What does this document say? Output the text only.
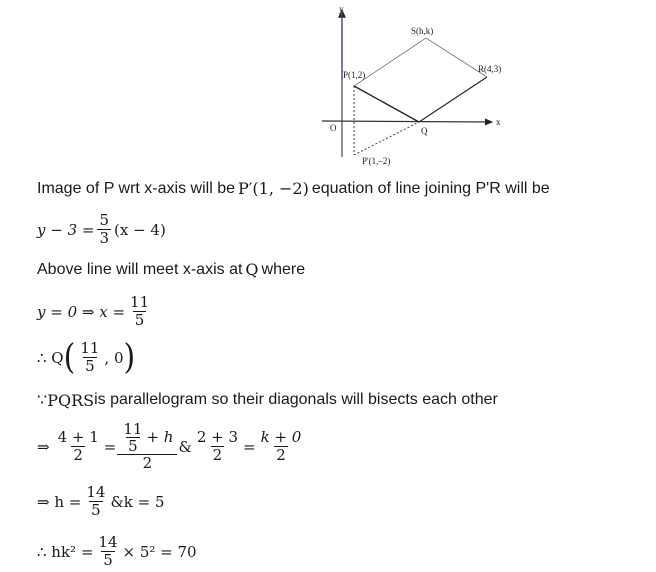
y
x
O
S(h,k)
P(1,2)
R(4,3)
Q
P'(1,–2)
Image of P wrt x-axis will be P′(1, −2) equation of line joining P'R will be
$y - 3 = \frac{5}{3} (x - 4)$
Above line will meet x-axis at Q where
y = 0 ⇒ $x = \frac{11}{5}$
∴ Q ( $\frac{11}{5}$ , 0 )
∵ PQRS is parallelogram so their diagonals will bisects each other
⇒ $\frac{4 + 1}{2} = \frac{\frac{11}{5} + h}{2}$ & $\frac{2 + 3}{2} = \frac{k + 0}{2}$
⇒ $h = \frac{14}{5}$ &k = 5
∴ $hk^2 = \frac{14}{5} \times 5^2 = 70$
